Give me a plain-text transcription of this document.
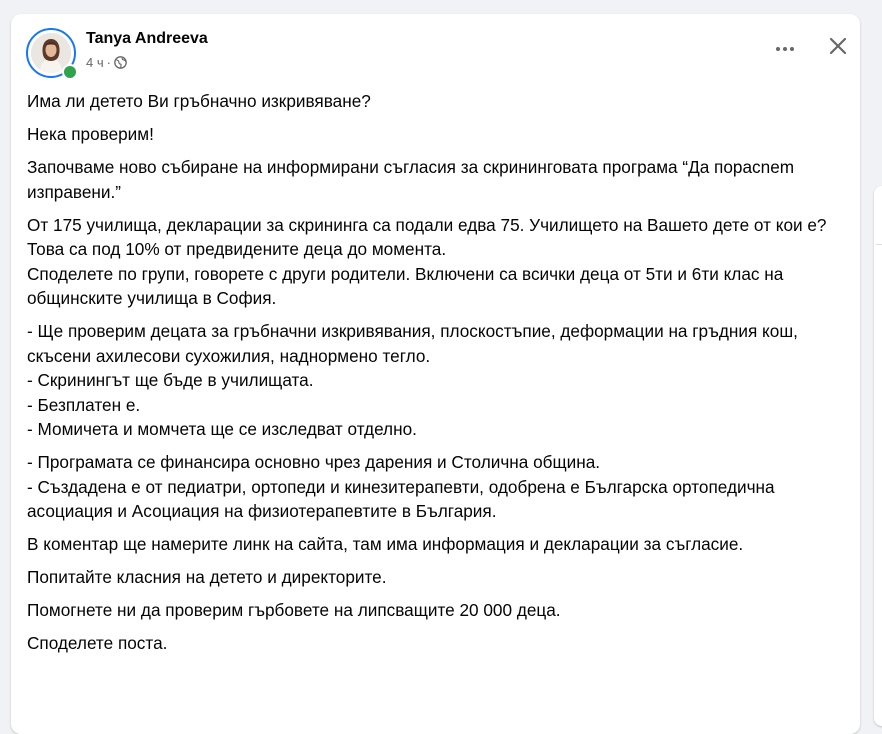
Tanya Andreeva
4 ч ·

Има ли детето Ви гръбначно изкривяване?

Нека проверим!

Започваме ново събиране на информирани съгласия за скрининговата програма “Да порасnem изправени.”

От 175 училища, декларации за скрининга са подали едва 75. Училището на Вашето дете от кои е?
Това са под 10% от предвидените деца до момента.
Споделете по групи, говорете с други родители. Включени са всички деца от 5ти и 6ти клас на общинските училища в София.

- Ще проверим децата за гръбначни изкривявания, плоскостъпие, деформации на гръдния кош, скъсени ахилесови сухожилия, наднормено тегло.
- Скринингът ще бъде в училищата.
- Безплатен е.
- Момичета и момчета ще се изследват отделно.

- Програмата се финансира основно чрез дарения и Столична община.
- Създадена е от педиатри, ортопеди и кинезитерапевти, одобрена е Българска ортопедична асоциация и Асоциация на физиотерапевтите в България.

В коментар ще намерите линк на сайта, там има информация и декларации за съгласие.

Попитайте класния на детето и директорите.

Помогнете ни да проверим гърбовете на липсващите 20 000 деца.

Споделете поста.
